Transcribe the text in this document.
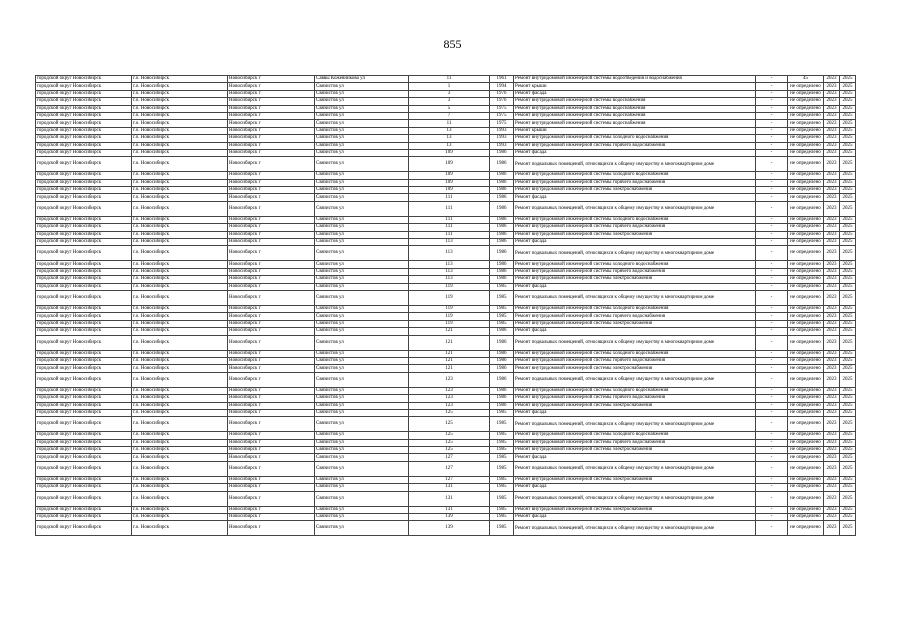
855
городской округ Новосибирск	г.о. Новосибирск	Новосибирск г	Саввы Кожевникова ул	11	1961	Ремонт внутридомовой инженерной системы водоотведения и водоснабжения	-	45	2023	2025
городской округ Новосибирск	г.о. Новосибирск	Новосибирск г	Связистов ул	1	1994	Ремонт крыши	-	не определено	2023	2025
городской округ Новосибирск	г.о. Новосибирск	Новосибирск г	Связистов ул	3	1976	Ремонт фасада	-	не определено	2023	2025
городской округ Новосибирск	г.о. Новосибирск	Новосибирск г	Связистов ул	3	1976	Ремонт внутридомовой инженерной системы водоснабжения	-	не определено	2023	2025
городской округ Новосибирск	г.о. Новосибирск	Новосибирск г	Связистов ул	5	1975	Ремонт внутридомовой инженерной системы водоснабжения	-	не определено	2023	2025
городской округ Новосибирск	г.о. Новосибирск	Новосибирск г	Связистов ул	7	1975	Ремонт внутридомовой инженерной системы водоснабжения	-	не определено	2023	2025
городской округ Новосибирск	г.о. Новосибирск	Новосибирск г	Связистов ул	11	1975	Ремонт внутридомовой инженерной системы водоснабжения	-	не определено	2023	2025
городской округ Новосибирск	г.о. Новосибирск	Новосибирск г	Связистов ул	13	1993	Ремонт крыши	-	не определено	2023	2025
городской округ Новосибирск	г.о. Новосибирск	Новосибирск г	Связистов ул	13	1993	Ремонт внутридомовой инженерной системы холодного водоснабжения	-	не определено	2023	2025
городской округ Новосибирск	г.о. Новосибирск	Новосибирск г	Связистов ул	13	1993	Ремонт внутридомовой инженерной системы горячего водоснабжения	-	не определено	2023	2025
городской округ Новосибирск	г.о. Новосибирск	Новосибирск г	Связистов ул	109	1986	Ремонт фасада	-	не определено	2023	2025
городской округ Новосибирск	г.о. Новосибирск	Новосибирск г	Связистов ул	109	1986	Ремонт подвальных помещений, относящихся к общему имуществу в многоквартирном доме	-	не определено	2023	2025
городской округ Новосибирск	г.о. Новосибирск	Новосибирск г	Связистов ул	109	1986	Ремонт внутридомовой инженерной системы холодного водоснабжения	-	не определено	2023	2025
городской округ Новосибирск	г.о. Новосибирск	Новосибирск г	Связистов ул	109	1986	Ремонт внутридомовой инженерной системы горячего водоснабжения	-	не определено	2023	2025
городской округ Новосибирск	г.о. Новосибирск	Новосибирск г	Связистов ул	109	1986	Ремонт внутридомовой инженерной системы электроснабжения	-	не определено	2023	2025
городской округ Новосибирск	г.о. Новосибирск	Новосибирск г	Связистов ул	111	1986	Ремонт фасада	-	не определено	2023	2025
городской округ Новосибирск	г.о. Новосибирск	Новосибирск г	Связистов ул	111	1986	Ремонт подвальных помещений, относящихся к общему имуществу в многоквартирном доме	-	не определено	2023	2025
городской округ Новосибирск	г.о. Новосибирск	Новосибирск г	Связистов ул	111	1986	Ремонт внутридомовой инженерной системы холодного водоснабжения	-	не определено	2023	2025
городской округ Новосибирск	г.о. Новосибирск	Новосибирск г	Связистов ул	111	1986	Ремонт внутридомовой инженерной системы горячего водоснабжения	-	не определено	2023	2025
городской округ Новосибирск	г.о. Новосибирск	Новосибирск г	Связистов ул	111	1986	Ремонт внутридомовой инженерной системы электроснабжения	-	не определено	2023	2025
городской округ Новосибирск	г.о. Новосибирск	Новосибирск г	Связистов ул	113	1986	Ремонт фасада	-	не определено	2023	2025
городской округ Новосибирск	г.о. Новосибирск	Новосибирск г	Связистов ул	113	1986	Ремонт подвальных помещений, относящихся к общему имуществу в многоквартирном доме	-	не определено	2023	2025
городской округ Новосибирск	г.о. Новосибирск	Новосибирск г	Связистов ул	113	1986	Ремонт внутридомовой инженерной системы холодного водоснабжения	-	не определено	2023	2025
городской округ Новосибирск	г.о. Новосибирск	Новосибирск г	Связистов ул	113	1986	Ремонт внутридомовой инженерной системы горячего водоснабжения	-	не определено	2023	2025
городской округ Новосибирск	г.о. Новосибирск	Новосибирск г	Связистов ул	113	1986	Ремонт внутридомовой инженерной системы электроснабжения	-	не определено	2023	2025
городской округ Новосибирск	г.о. Новосибирск	Новосибирск г	Связистов ул	119	1985	Ремонт фасада	-	не определено	2023	2025
городской округ Новосибирск	г.о. Новосибирск	Новосибирск г	Связистов ул	119	1985	Ремонт подвальных помещений, относящихся к общему имуществу в многоквартирном доме	-	не определено	2023	2025
городской округ Новосибирск	г.о. Новосибирск	Новосибирск г	Связистов ул	119	1985	Ремонт внутридомовой инженерной системы холодного водоснабжения	-	не определено	2023	2025
городской округ Новосибирск	г.о. Новосибирск	Новосибирск г	Связистов ул	119	1985	Ремонт внутридомовой инженерной системы горячего водоснабжения	-	не определено	2023	2025
городской округ Новосибирск	г.о. Новосибирск	Новосибирск г	Связистов ул	119	1985	Ремонт внутридомовой инженерной системы электроснабжения	-	не определено	2023	2025
городской округ Новосибирск	г.о. Новосибирск	Новосибирск г	Связистов ул	121	1986	Ремонт фасада	-	не определено	2023	2025
городской округ Новосибирск	г.о. Новосибирск	Новосибирск г	Связистов ул	121	1986	Ремонт подвальных помещений, относящихся к общему имуществу в многоквартирном доме	-	не определено	2023	2025
городской округ Новосибирск	г.о. Новосибирск	Новосибирск г	Связистов ул	121	1986	Ремонт внутридомовой инженерной системы холодного водоснабжения	-	не определено	2023	2025
городской округ Новосибирск	г.о. Новосибирск	Новосибирск г	Связистов ул	121	1986	Ремонт внутридомовой инженерной системы горячего водоснабжения	-	не определено	2023	2025
городской округ Новосибирск	г.о. Новосибирск	Новосибирск г	Связистов ул	121	1986	Ремонт внутридомовой инженерной системы электроснабжения	-	не определено	2023	2025
городской округ Новосибирск	г.о. Новосибирск	Новосибирск г	Связистов ул	123	1986	Ремонт подвальных помещений, относящихся к общему имуществу в многоквартирном доме	-	не определено	2023	2025
городской округ Новосибирск	г.о. Новосибирск	Новосибирск г	Связистов ул	123	1986	Ремонт внутридомовой инженерной системы холодного водоснабжения	-	не определено	2023	2025
городской округ Новосибирск	г.о. Новосибирск	Новосибирск г	Связистов ул	123	1986	Ремонт внутридомовой инженерной системы горячего водоснабжения	-	не определено	2023	2025
городской округ Новосибирск	г.о. Новосибирск	Новосибирск г	Связистов ул	123	1986	Ремонт внутридомовой инженерной системы электроснабжения	-	не определено	2023	2025
городской округ Новосибирск	г.о. Новосибирск	Новосибирск г	Связистов ул	125	1985	Ремонт фасада	-	не определено	2023	2025
городской округ Новосибирск	г.о. Новосибирск	Новосибирск г	Связистов ул	125	1985	Ремонт подвальных помещений, относящихся к общему имуществу в многоквартирном доме	-	не определено	2023	2025
городской округ Новосибирск	г.о. Новосибирск	Новосибирск г	Связистов ул	125	1985	Ремонт внутридомовой инженерной системы холодного водоснабжения	-	не определено	2023	2025
городской округ Новосибирск	г.о. Новосибирск	Новосибирск г	Связистов ул	125	1985	Ремонт внутридомовой инженерной системы горячего водоснабжения	-	не определено	2023	2025
городской округ Новосибирск	г.о. Новосибирск	Новосибирск г	Связистов ул	125	1985	Ремонт внутридомовой инженерной системы электроснабжения	-	не определено	2023	2025
городской округ Новосибирск	г.о. Новосибирск	Новосибирск г	Связистов ул	127	1985	Ремонт фасада	-	не определено	2023	2025
городской округ Новосибирск	г.о. Новосибирск	Новосибирск г	Связистов ул	127	1985	Ремонт подвальных помещений, относящихся к общему имуществу в многоквартирном доме	-	не определено	2023	2025
городской округ Новосибирск	г.о. Новосибирск	Новосибирск г	Связистов ул	127	1985	Ремонт внутридомовой инженерной системы электроснабжения	-	не определено	2023	2025
городской округ Новосибирск	г.о. Новосибирск	Новосибирск г	Связистов ул	131	1985	Ремонт фасада	-	не определено	2023	2025
городской округ Новосибирск	г.о. Новосибирск	Новосибирск г	Связистов ул	131	1985	Ремонт подвальных помещений, относящихся к общему имуществу в многоквартирном доме	-	не определено	2023	2025
городской округ Новосибирск	г.о. Новосибирск	Новосибирск г	Связистов ул	131	1985	Ремонт внутридомовой инженерной системы электроснабжения	-	не определено	2023	2025
городской округ Новосибирск	г.о. Новосибирск	Новосибирск г	Связистов ул	139	1985	Ремонт фасада	-	не определено	2023	2025
городской округ Новосибирск	г.о. Новосибирск	Новосибирск г	Связистов ул	139	1985	Ремонт подвальных помещений, относящихся к общему имуществу в многоквартирном доме	-	не определено	2023	2025
